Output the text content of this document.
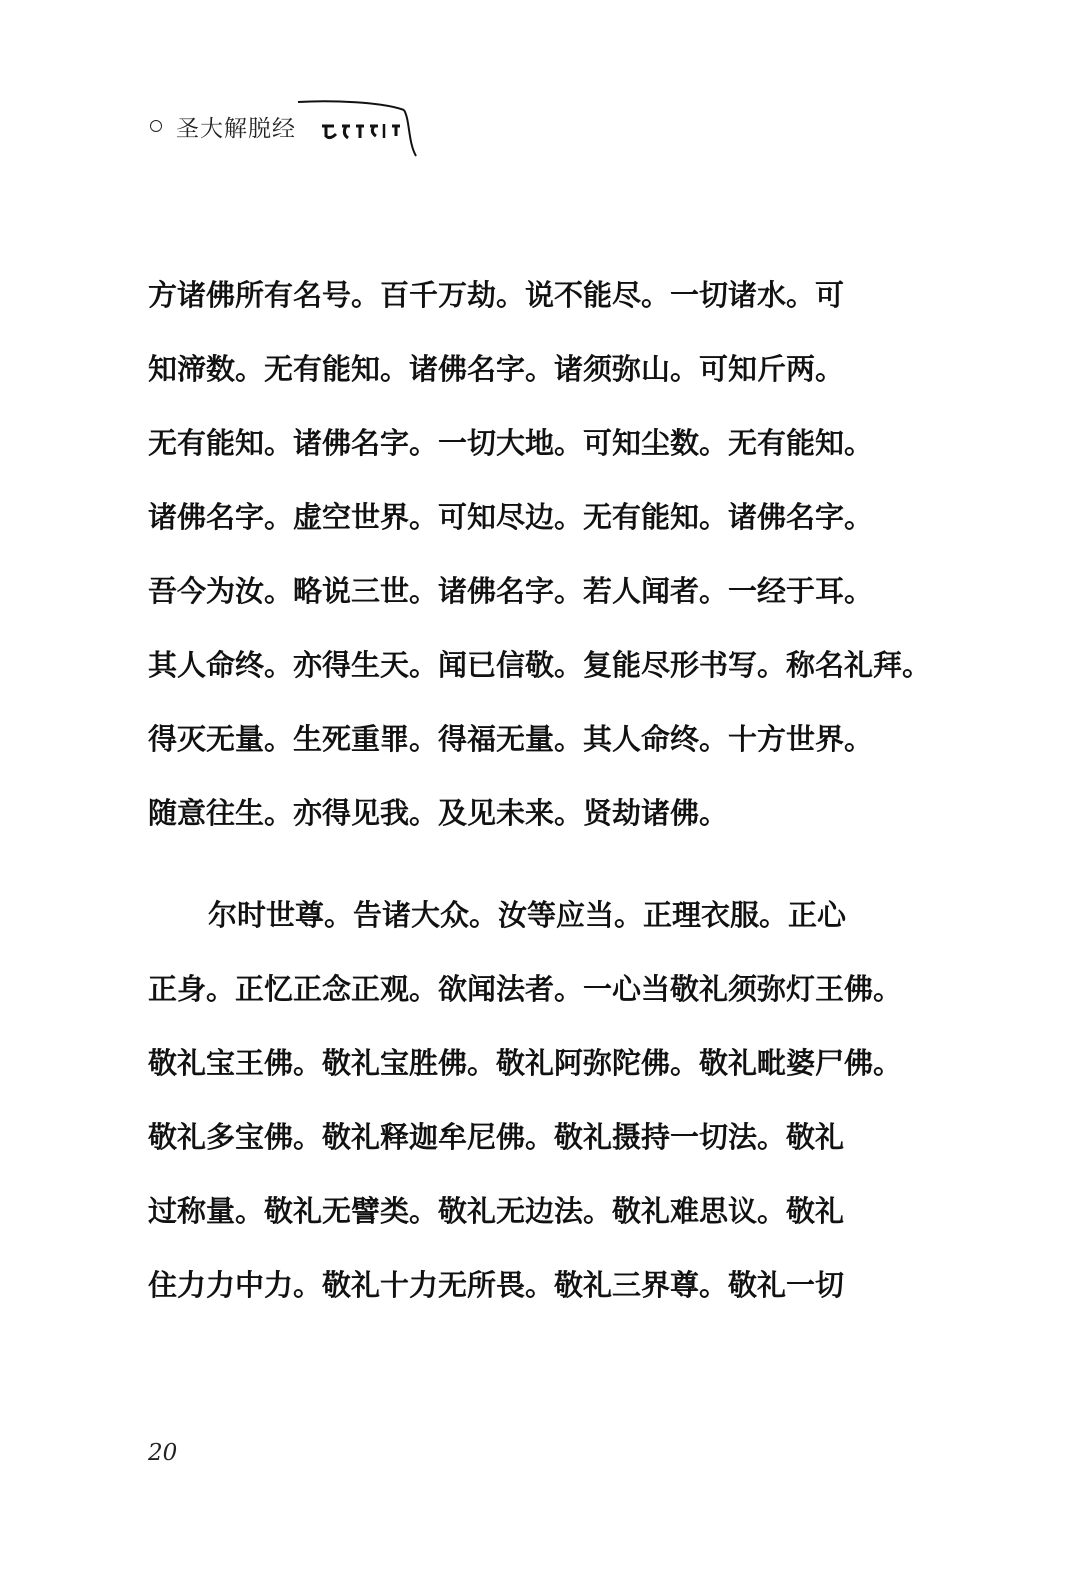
圣大解脱经
方诸佛所有名号。百千万劫。说不能尽。一切诸水。可
知渧数。无有能知。诸佛名字。诸须弥山。可知斤两。
无有能知。诸佛名字。一切大地。可知尘数。无有能知。
诸佛名字。虚空世界。可知尽边。无有能知。诸佛名字。
吾今为汝。略说三世。诸佛名字。若人闻者。一经于耳。
其人命终。亦得生天。闻已信敬。复能尽形书写。称名礼拜。
得灭无量。生死重罪。得福无量。其人命终。十方世界。
随意往生。亦得见我。及见未来。贤劫诸佛。
尔时世尊。告诸大众。汝等应当。正理衣服。正心
正身。正忆正念正观。欲闻法者。一心当敬礼须弥灯王佛。
敬礼宝王佛。敬礼宝胜佛。敬礼阿弥陀佛。敬礼毗婆尸佛。
敬礼多宝佛。敬礼释迦牟尼佛。敬礼摄持一切法。敬礼
过称量。敬礼无譬类。敬礼无边法。敬礼难思议。敬礼
住力力中力。敬礼十力无所畏。敬礼三界尊。敬礼一切
20
